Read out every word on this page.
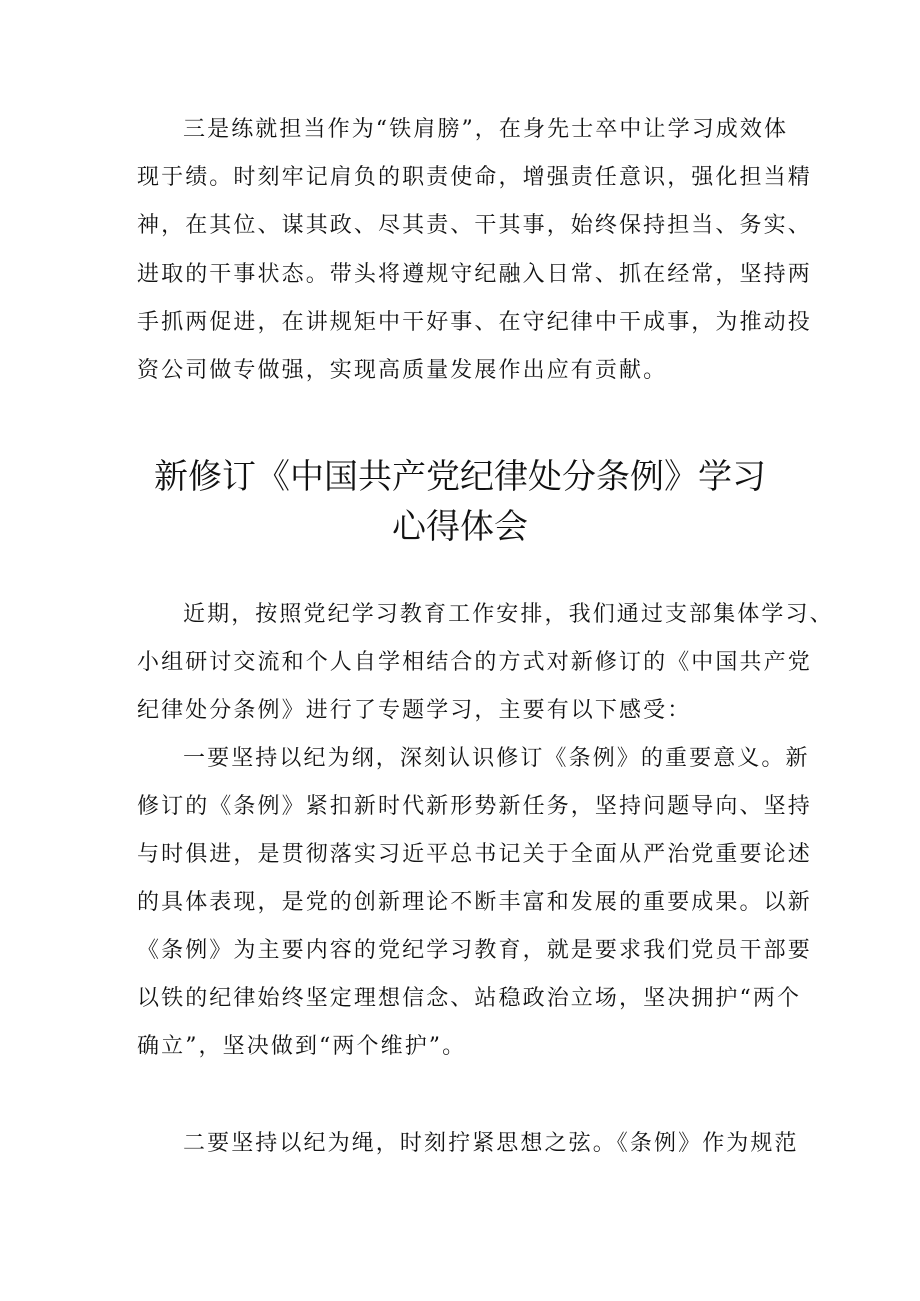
三是练就担当作为“铁肩膀”，在身先士卒中让学习成效体
现于绩。时刻牢记肩负的职责使命，增强责任意识，强化担当精
神，在其位、谋其政、尽其责、干其事，始终保持担当、务实、
进取的干事状态。带头将遵规守纪融入日常、抓在经常，坚持两
手抓两促进，在讲规矩中干好事、在守纪律中干成事，为推动投
资公司做专做强，实现高质量发展作出应有贡献。
新修订《中国共产党纪律处分条例》学习
心得体会
近期，按照党纪学习教育工作安排，我们通过支部集体学习、
小组研讨交流和个人自学相结合的方式对新修订的《中国共产党
纪律处分条例》进行了专题学习，主要有以下感受：
一要坚持以纪为纲，深刻认识修订《条例》的重要意义。新
修订的《条例》紧扣新时代新形势新任务，坚持问题导向、坚持
与时俱进，是贯彻落实习近平总书记关于全面从严治党重要论述
的具体表现，是党的创新理论不断丰富和发展的重要成果。以新
《条例》为主要内容的党纪学习教育，就是要求我们党员干部要
以铁的纪律始终坚定理想信念、站稳政治立场，坚决拥护“两个
确立”，坚决做到“两个维护”。
二要坚持以纪为绳，时刻拧紧思想之弦。《条例》作为规范
